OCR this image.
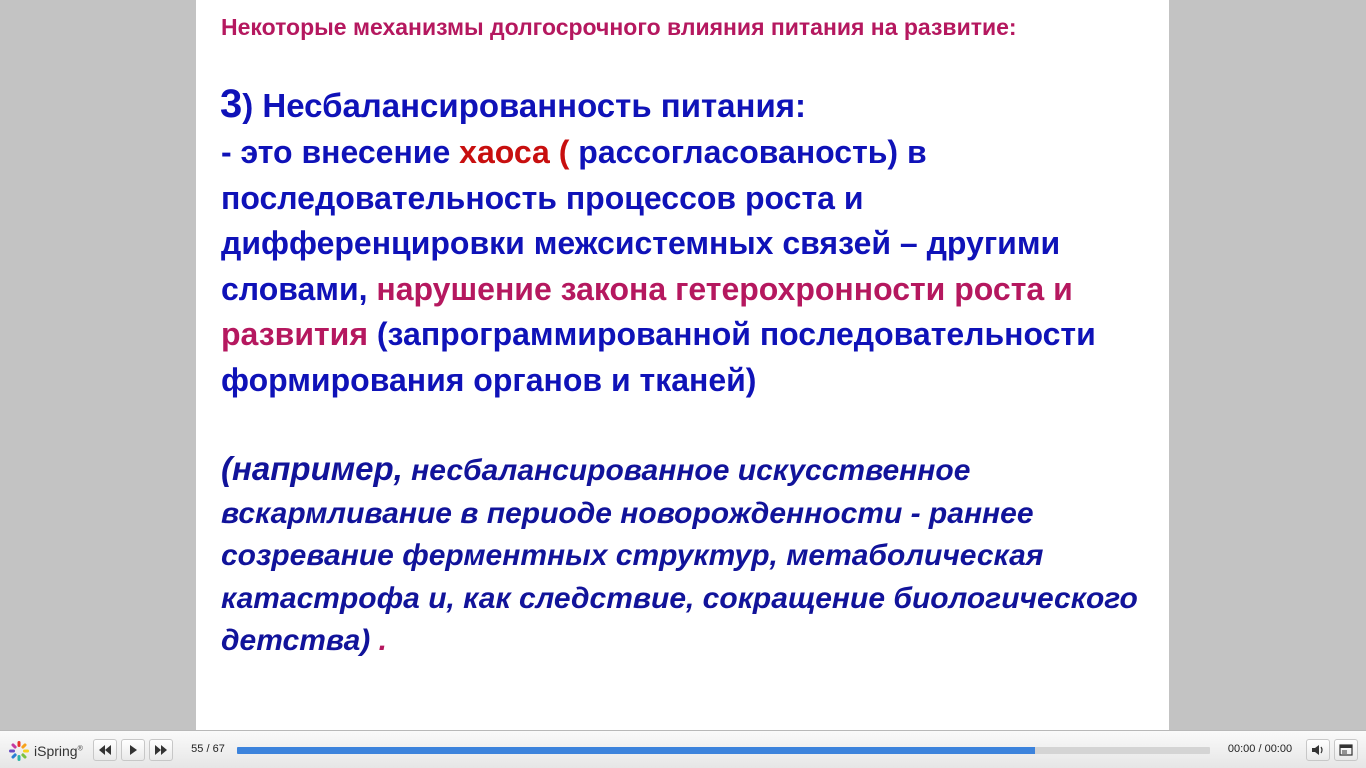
Некоторые механизмы долгосрочного влияния питания на развитие:
3) Несбалансированность питания:
- это внесение хаоса ( рассогласованость) в последовательность процессов роста и дифференцировки межсистемных связей – другими словами, нарушение закона гетерохронности роста и развития (запрограммированной последовательности формирования органов и тканей)
(например, несбалансированное искусственное вскармливание в периоде новорожденности - раннее созревание ферментных структур, метаболическая катастрофа и, как следствие, сокращение биологического детства) .
iSpring®	55 / 67	00:00 / 00:00
